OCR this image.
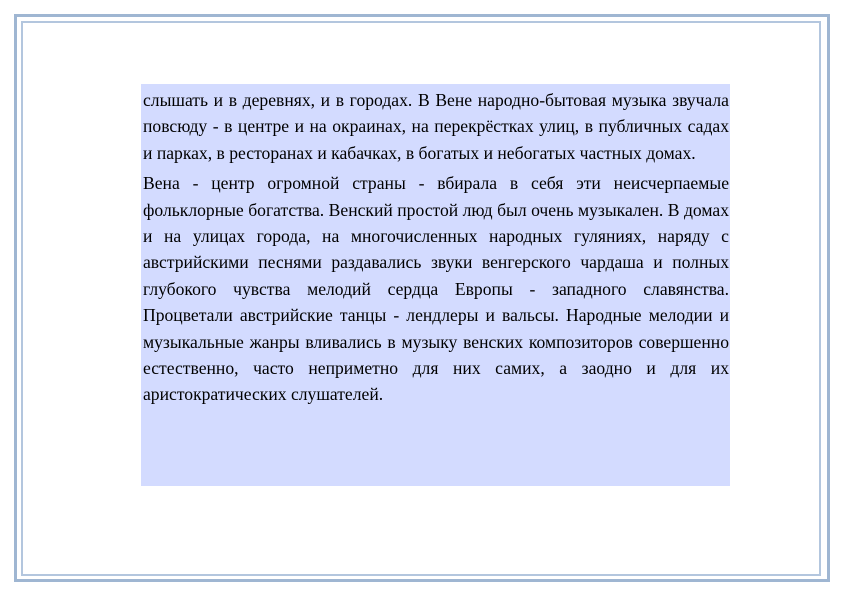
слышать и в деревнях, и в городах. В Вене народно-бытовая музыка звучала повсюду - в центре и на окраинах, на перекрёстках улиц, в публичных садах и парках, в ресторанах и кабачках, в богатых и небогатых частных домах.

Вена - центр огромной страны - вбирала в себя эти неисчерпаемые фольклорные богатства. Венский простой люд был очень музыкален. В домах и на улицах города, на многочисленных народных гуляниях, наряду с австрийскими песнями раздавались звуки венгерского чардаша и полных глубокого чувства мелодий сердца Европы - западного славянства. Процветали австрийские танцы - лендлеры и вальсы. Народные мелодии и музыкальные жанры вливались в музыку венских композиторов совершенно естественно, часто неприметно для них самих, а заодно и для их аристократических слушателей.
